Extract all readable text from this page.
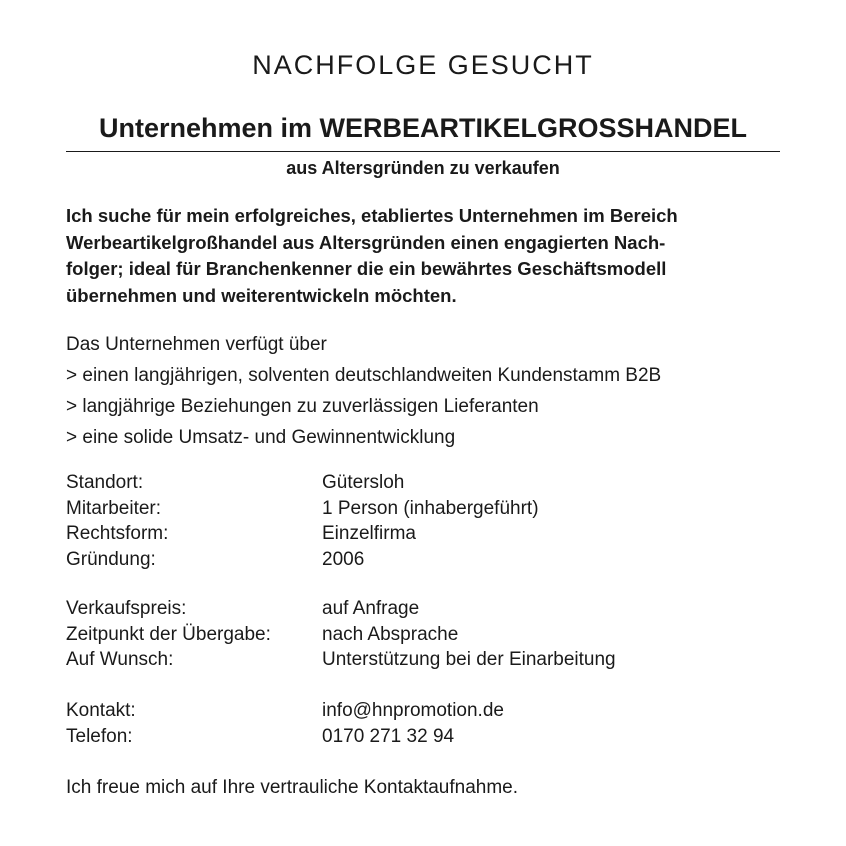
NACHFOLGE GESUCHT
Unternehmen im WERBEARTIKELGROSSHANDEL
aus Altersgründen zu verkaufen
Ich suche für mein erfolgreiches, etabliertes Unternehmen im Bereich
Werbeartikelgroßhandel aus Altersgründen einen engagierten Nach-
folger; ideal für Branchenkenner die ein bewährtes Geschäftsmodell
übernehmen und weiterentwickeln möchten.
Das Unternehmen verfügt über
> einen langjährigen, solventen deutschlandweiten Kundenstamm B2B
> langjährige Beziehungen zu zuverlässigen Lieferanten
> eine solide Umsatz- und Gewinnentwicklung
Standort:	Gütersloh
Mitarbeiter:	1 Person (inhabergeführt)
Rechtsform:	Einzelfirma
Gründung:	2006
Verkaufspreis:	auf Anfrage
Zeitpunkt der Übergabe:	nach Absprache
Auf Wunsch:	Unterstützung bei der Einarbeitung
Kontakt:	info@hnpromotion.de
Telefon:	0170 271 32 94
Ich freue mich auf Ihre vertrauliche Kontaktaufnahme.
